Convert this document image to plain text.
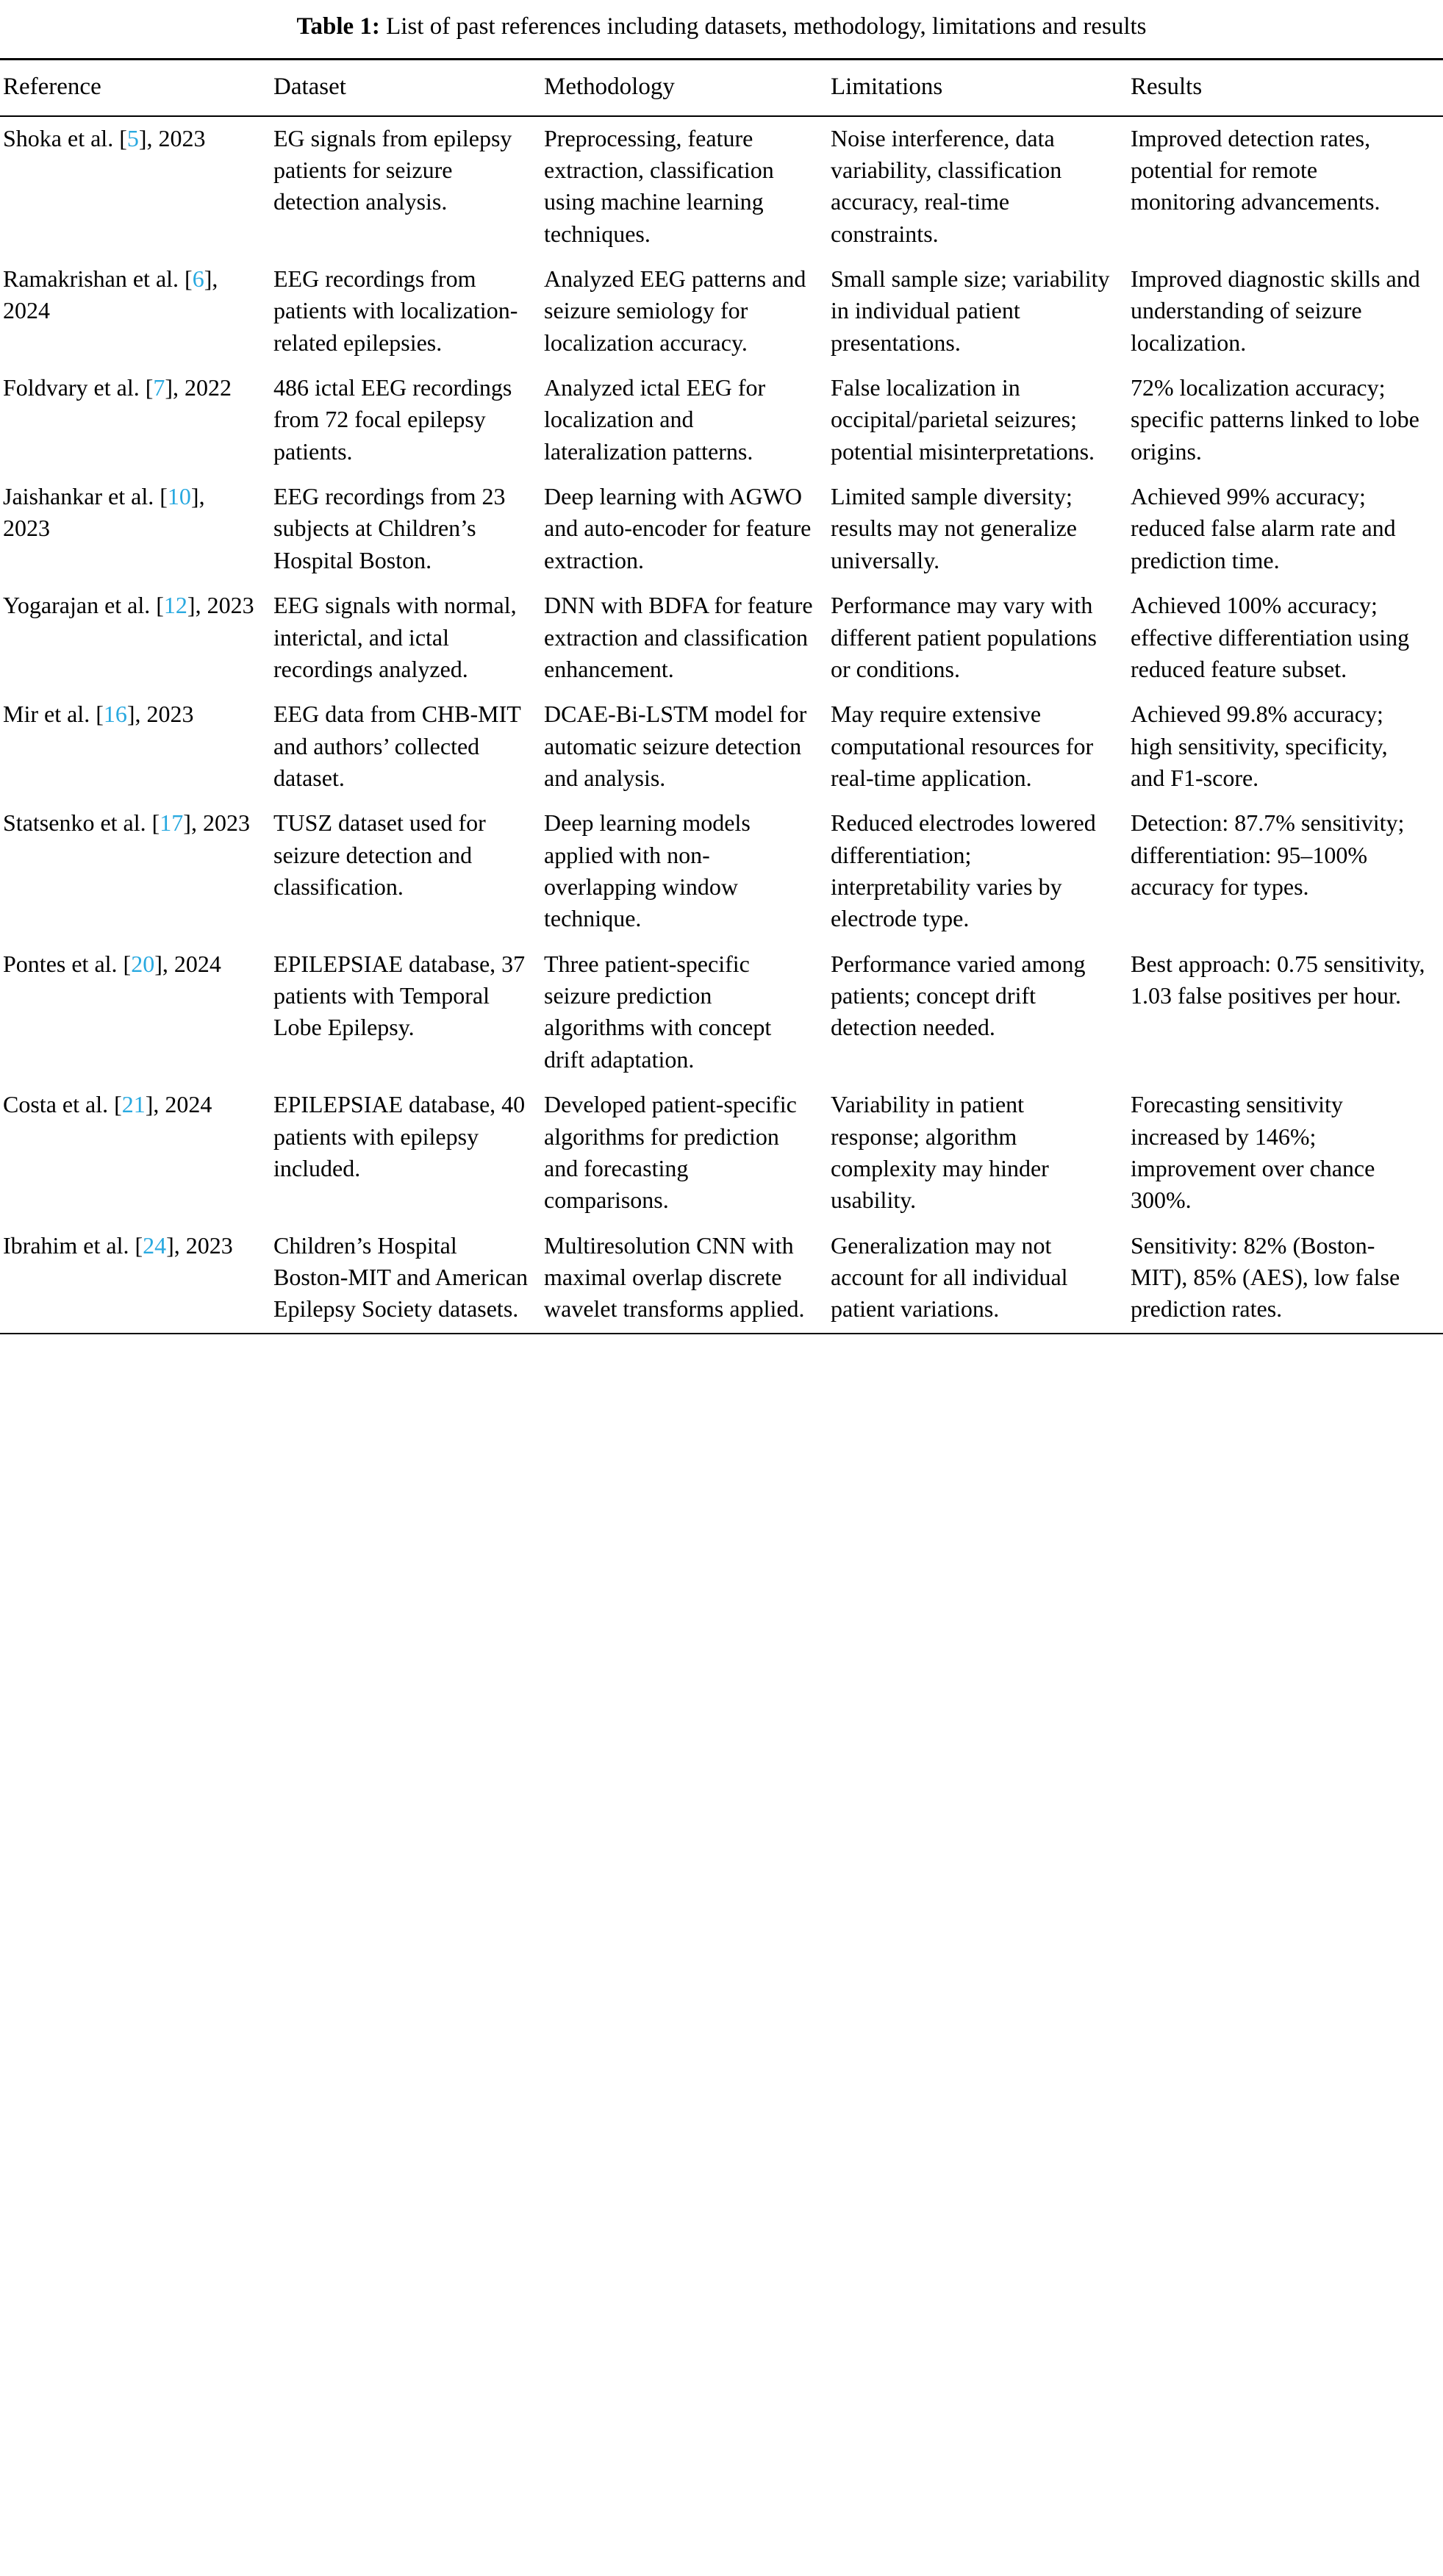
Table 1: List of past references including datasets, methodology, limitations and results

Reference	Dataset	Methodology	Limitations	Results

Shoka et al. [5], 2023	EG signals from epilepsy patients for seizure detection analysis.	Preprocessing, feature extraction, classification using machine learning techniques.	Noise interference, data variability, classification accuracy, real-time constraints.	Improved detection rates, potential for remote monitoring advancements.
Ramakrishan et al. [6], 2024	EEG recordings from patients with localization-related epilepsies.	Analyzed EEG patterns and seizure semiology for localization accuracy.	Small sample size; variability in individual patient presentations.	Improved diagnostic skills and understanding of seizure localization.
Foldvary et al. [7], 2022	486 ictal EEG recordings from 72 focal epilepsy patients.	Analyzed ictal EEG for localization and lateralization patterns.	False localization in occipital/parietal seizures; potential misinterpretations.	72% localization accuracy; specific patterns linked to lobe origins.
Jaishankar et al. [10], 2023	EEG recordings from 23 subjects at Children’s Hospital Boston.	Deep learning with AGWO and auto-encoder for feature extraction.	Limited sample diversity; results may not generalize universally.	Achieved 99% accuracy; reduced false alarm rate and prediction time.
Yogarajan et al. [12], 2023	EEG signals with normal, interictal, and ictal recordings analyzed.	DNN with BDFA for feature extraction and classification enhancement.	Performance may vary with different patient populations or conditions.	Achieved 100% accuracy; effective differentiation using reduced feature subset.
Mir et al. [16], 2023	EEG data from CHB-MIT and authors’ collected dataset.	DCAE-Bi-LSTM model for automatic seizure detection and analysis.	May require extensive computational resources for real-time application.	Achieved 99.8% accuracy; high sensitivity, specificity, and F1-score.
Statsenko et al. [17], 2023	TUSZ dataset used for seizure detection and classification.	Deep learning models applied with non-overlapping window technique.	Reduced electrodes lowered differentiation; interpretability varies by electrode type.	Detection: 87.7% sensitivity; differentiation: 95–100% accuracy for types.
Pontes et al. [20], 2024	EPILEPSIAE database, 37 patients with Temporal Lobe Epilepsy.	Three patient-specific seizure prediction algorithms with concept drift adaptation.	Performance varied among patients; concept drift detection needed.	Best approach: 0.75 sensitivity, 1.03 false positives per hour.
Costa et al. [21], 2024	EPILEPSIAE database, 40 patients with epilepsy included.	Developed patient-specific algorithms for prediction and forecasting comparisons.	Variability in patient response; algorithm complexity may hinder usability.	Forecasting sensitivity increased by 146%; improvement over chance 300%.
Ibrahim et al. [24], 2023	Children’s Hospital Boston-MIT and American Epilepsy Society datasets.	Multiresolution CNN with maximal overlap discrete wavelet transforms applied.	Generalization may not account for all individual patient variations.	Sensitivity: 82% (Boston-MIT), 85% (AES), low false prediction rates.
